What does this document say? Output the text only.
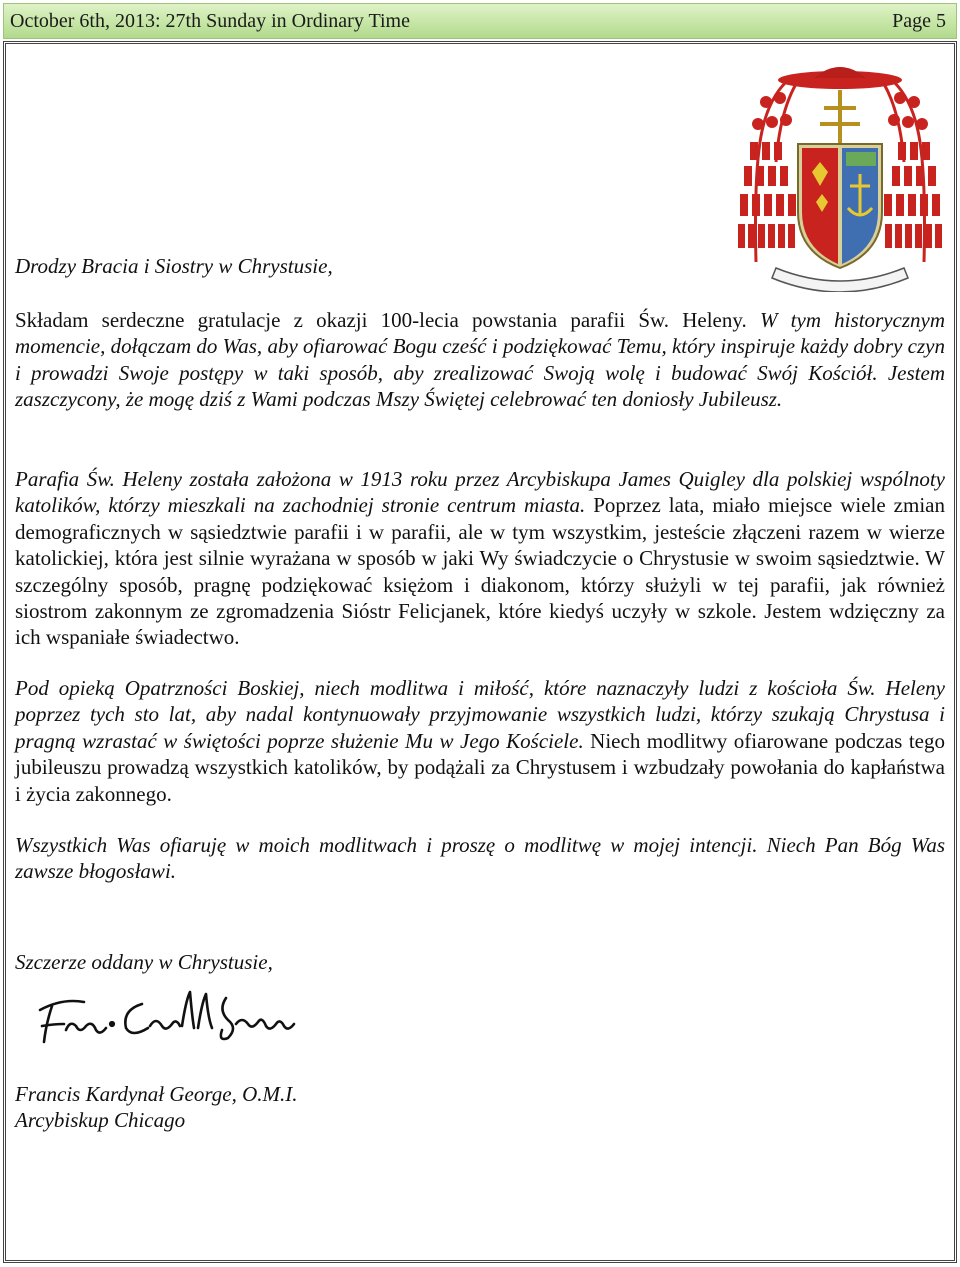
October 6th, 2013: 27th Sunday in Ordinary Time	Page 5

Drodzy Bracia i Siostry w Chrystusie,

Składam serdeczne gratulacje z okazji 100-lecia powstania parafii Św. Heleny. W tym historycznym momencie, dołączam do Was, aby ofiarować Bogu cześć i podziękować Temu, który inspiruje każdy dobry czyn i prowadzi Swoje postępy w taki sposób, aby zrealizować Swoją wolę i budować Swój Kościół. Jestem zaszczycony, że mogę dziś z Wami podczas Mszy Świętej celebrować ten doniosły Jubileusz.

Parafia Św. Heleny została założona w 1913 roku przez Arcybiskupa James Quigley dla polskiej wspólnoty katolików, którzy mieszkali na zachodniej stronie centrum miasta. Poprzez lata, miało miejsce wiele zmian demograficznych w sąsiedztwie parafii i w parafii, ale w tym wszystkim, jesteście złączeni razem w wierze katolickiej, która jest silnie wyrażana w sposób w jaki Wy świadczycie o Chrystusie w swoim sąsiedztwie. W szczególny sposób, pragnę podziękować księżom i diakonom, którzy służyli w tej parafii, jak również siostrom zakonnym ze zgromadzenia Sióstr Felicjanek, które kiedyś uczyły w szkole. Jestem wdzięczny za ich wspaniałe świadectwo.

Pod opieką Opatrzności Boskiej, niech modlitwa i miłość, które naznaczyły ludzi z kościoła Św. Heleny poprzez tych sto lat, aby nadal kontynuowały przyjmowanie wszystkich ludzi, którzy szukają Chrystusa i pragną wzrastać w świętości poprze służenie Mu w Jego Kościele. Niech modlitwy ofiarowane podczas tego jubileuszu prowadzą wszystkich katolików, by podążali za Chrystusem i wzbudzały powołania do kapłaństwa i życia zakonnego.

Wszystkich Was ofiaruję w moich modlitwach i proszę o modlitwę w mojej intencji. Niech Pan Bóg Was zawsze błogosławi.

Szczerze oddany w Chrystusie,

Francis Kardynał George, O.M.I.
Arcybiskup Chicago
